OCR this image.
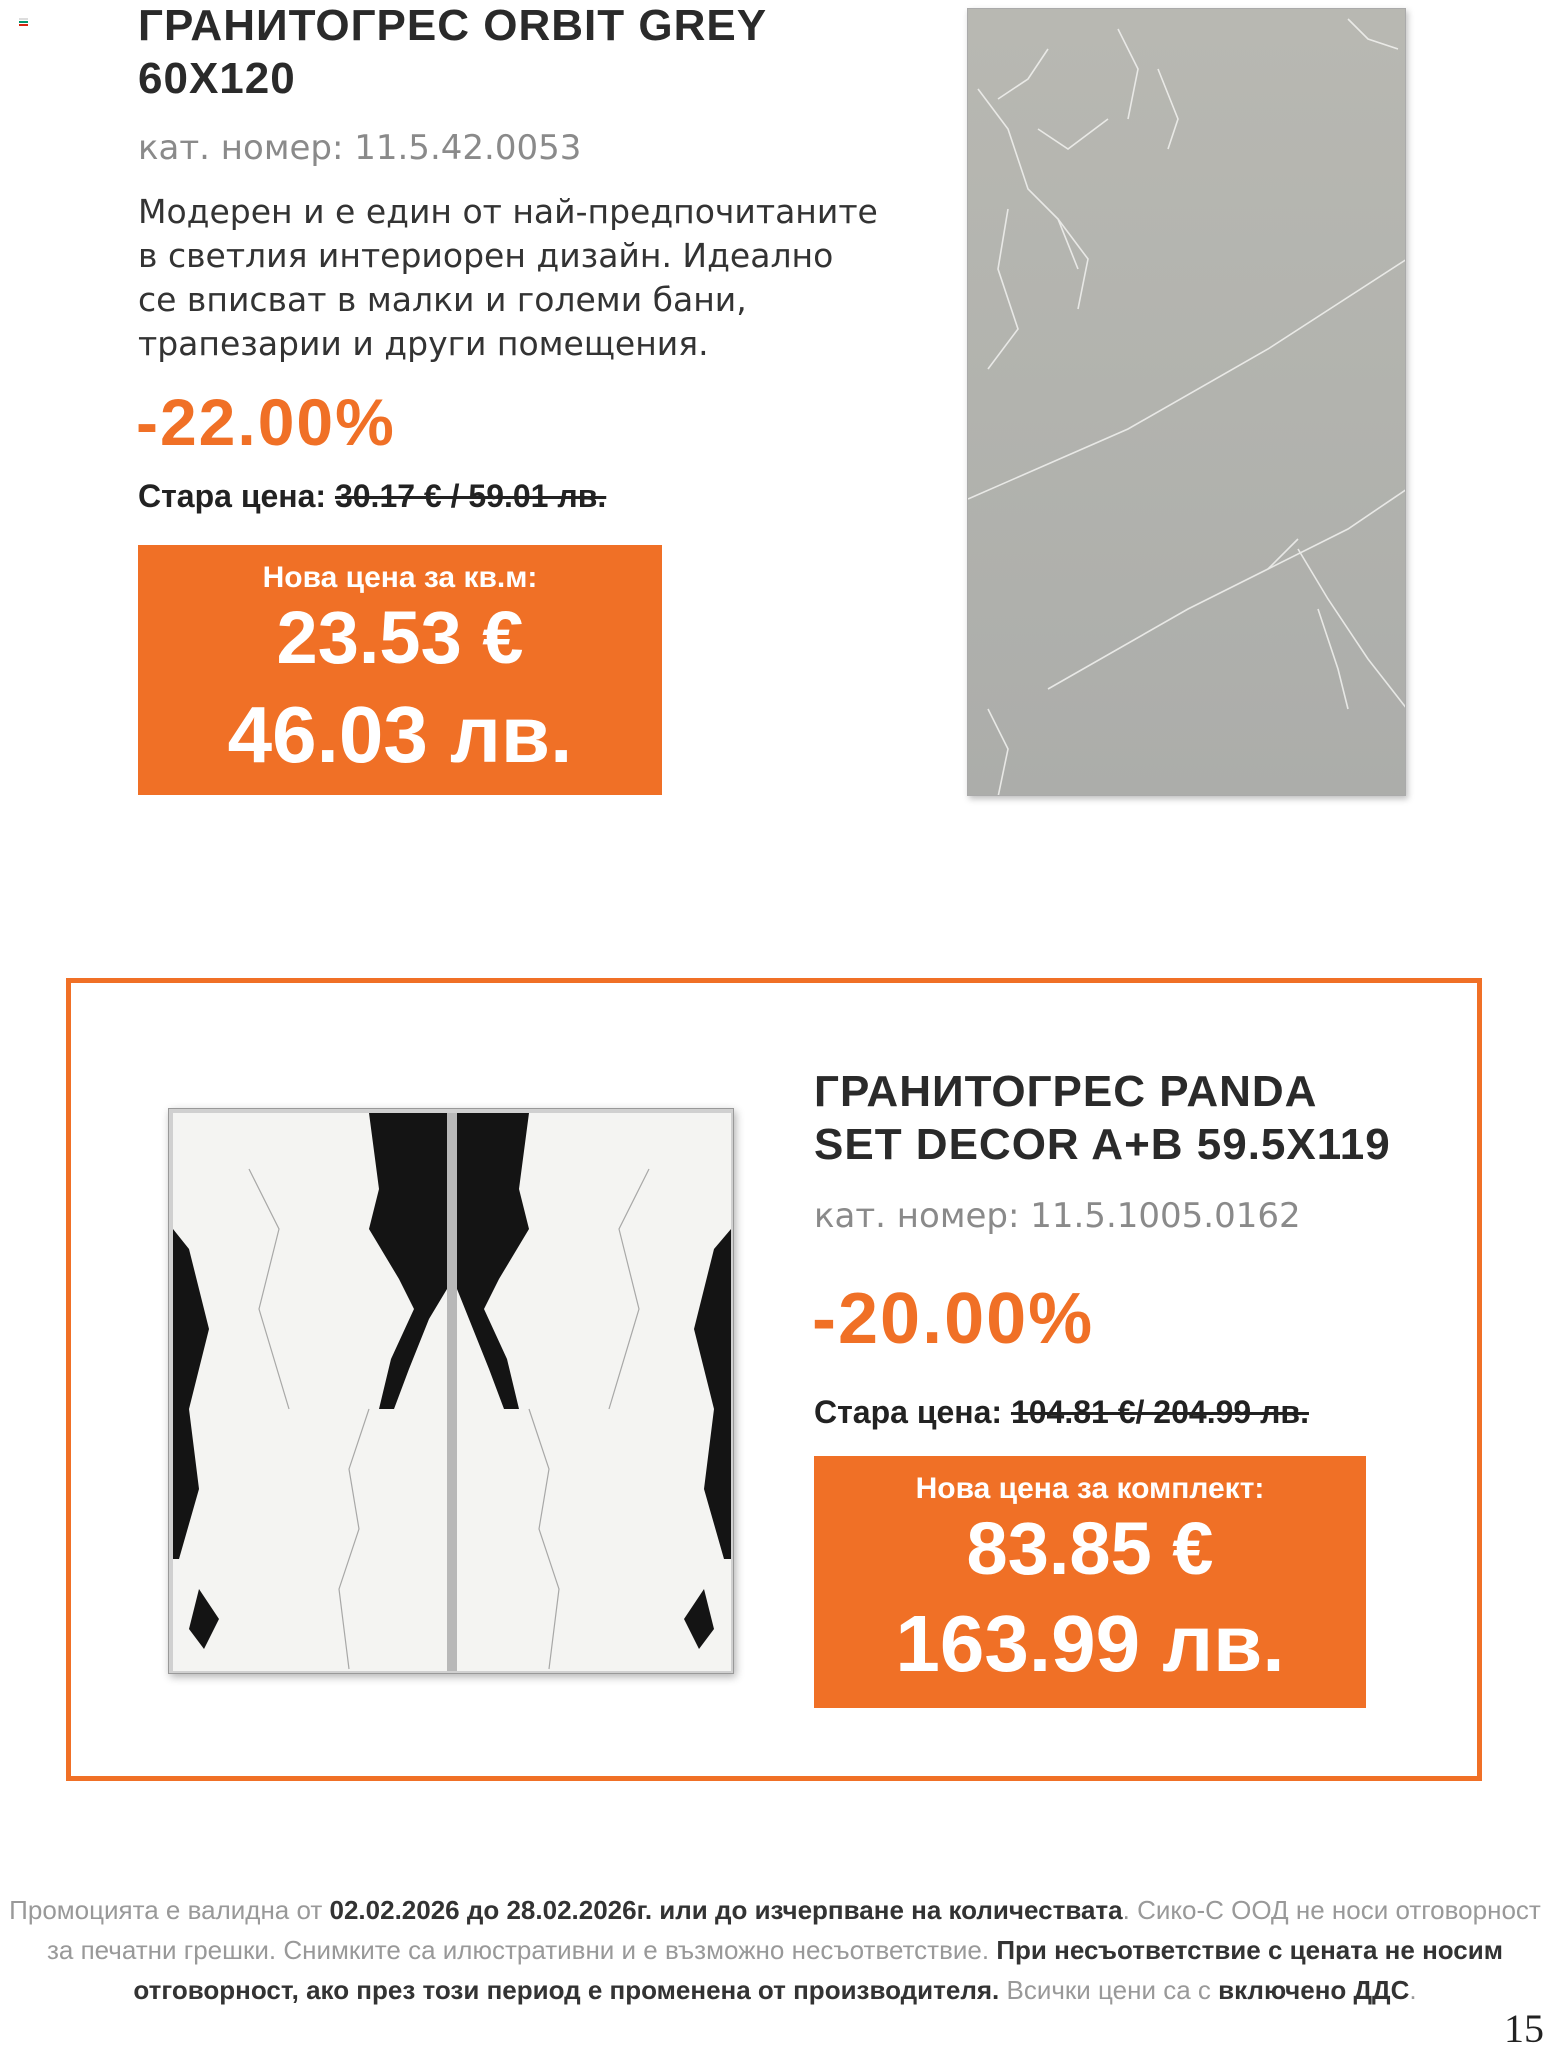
ГРАНИТОГРЕС ORBIT GREY
60X120
кат. номер: 11.5.42.0053
Модерен и е един от най-предпочитаните
в светлия интериорен дизайн. Идеално
се вписват в малки и големи бани,
трапезарии и други помещения.
-22.00%
Стара цена: 30.17 € / 59.01 лв.
Нова цена за кв.м:
23.53 €
46.03 лв.
ГРАНИТОГРЕС PANDA
SET DECOR A+B 59.5X119
кат. номер: 11.5.1005.0162
-20.00%
Стара цена: 104.81 €/ 204.99 лв.
Нова цена за комплект:
83.85 €
163.99 лв.
Промоцията е валидна от 02.02.2026 до 28.02.2026г. или до изчерпване на количествата. Сико-С ООД не носи отговорност
за печатни грешки. Снимките са илюстративни и е възможно несъответствие. При несъответствие с цената не носим
отговорност, ако през този период е променена от производителя. Всички цени са с включено ДДС.
15
